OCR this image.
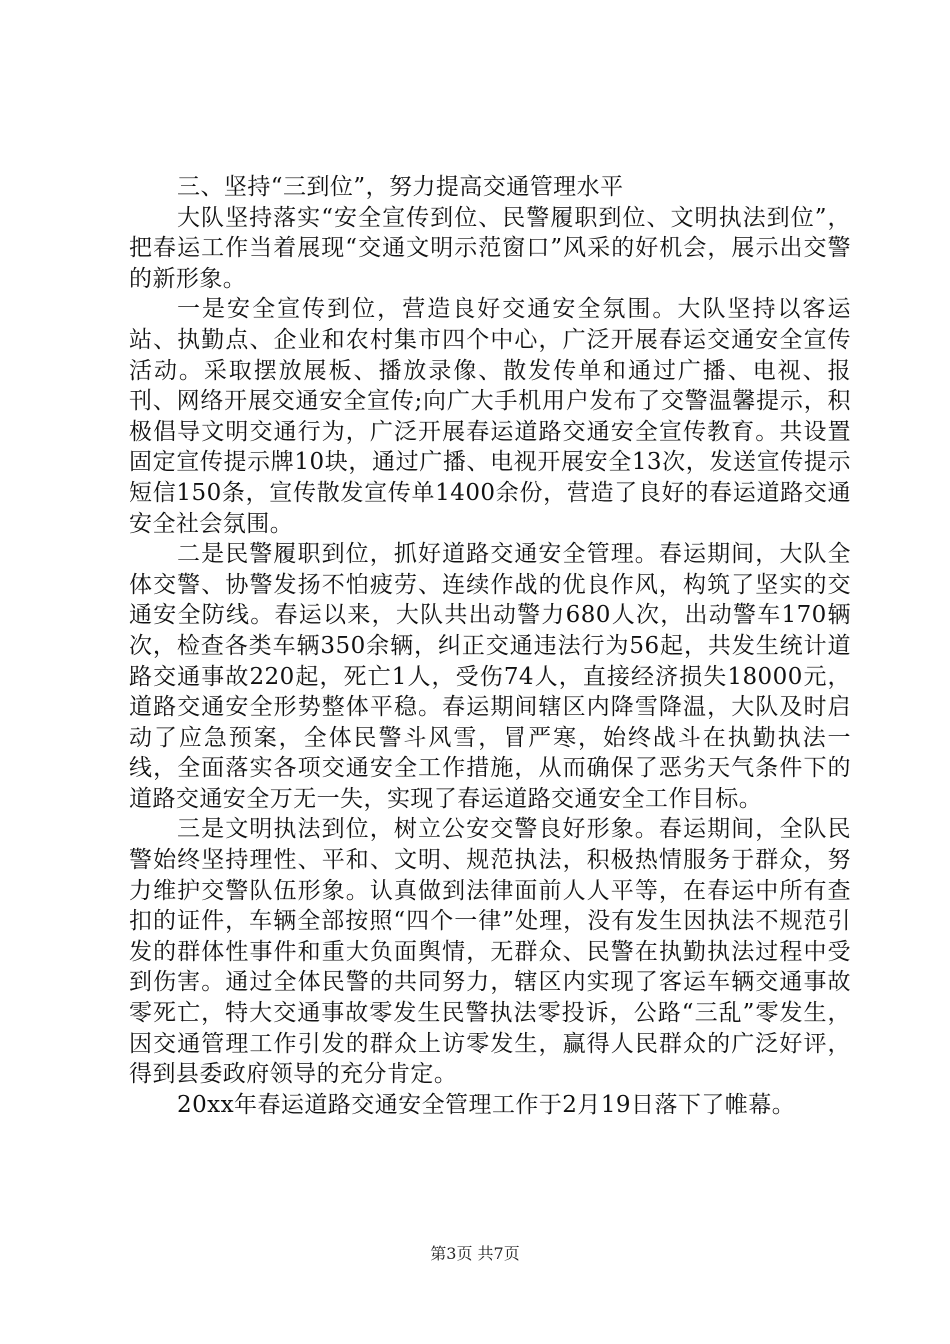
三、坚持“三到位”，努力提高交通管理水平

大队坚持落实“安全宣传到位、民警履职到位、文明执法到位”，把春运工作当着展现“交通文明示范窗口”风采的好机会，展示出交警的新形象。

一是安全宣传到位，营造良好交通安全氛围。大队坚持以客运站、执勤点、企业和农村集市四个中心，广泛开展春运交通安全宣传活动。采取摆放展板、播放录像、散发传单和通过广播、电视、报刊、网络开展交通安全宣传;向广大手机用户发布了交警温馨提示，积极倡导文明交通行为，广泛开展春运道路交通安全宣传教育。共设置固定宣传提示牌10块，通过广播、电视开展安全13次，发送宣传提示短信150条，宣传散发宣传单1400余份，营造了良好的春运道路交通安全社会氛围。

二是民警履职到位，抓好道路交通安全管理。春运期间，大队全体交警、协警发扬不怕疲劳、连续作战的优良作风，构筑了坚实的交通安全防线。春运以来，大队共出动警力680人次，出动警车170辆次，检查各类车辆350余辆，纠正交通违法行为56起，共发生统计道路交通事故220起，死亡1人，受伤74人，直接经济损失18000元，道路交通安全形势整体平稳。春运期间辖区内降雪降温，大队及时启动了应急预案，全体民警斗风雪，冒严寒，始终战斗在执勤执法一线，全面落实各项交通安全工作措施，从而确保了恶劣天气条件下的道路交通安全万无一失，实现了春运道路交通安全工作目标。

三是文明执法到位，树立公安交警良好形象。春运期间，全队民警始终坚持理性、平和、文明、规范执法，积极热情服务于群众，努力维护交警队伍形象。认真做到法律面前人人平等，在春运中所有查扣的证件，车辆全部按照“四个一律”处理，没有发生因执法不规范引发的群体性事件和重大负面舆情，无群众、民警在执勤执法过程中受到伤害。通过全体民警的共同努力，辖区内实现了客运车辆交通事故零死亡，特大交通事故零发生民警执法零投诉，公路“三乱”零发生，因交通管理工作引发的群众上访零发生，赢得人民群众的广泛好评，得到县委政府领导的充分肯定。

20xx年春运道路交通安全管理工作于2月19日落下了帷幕。

第3页 共7页
